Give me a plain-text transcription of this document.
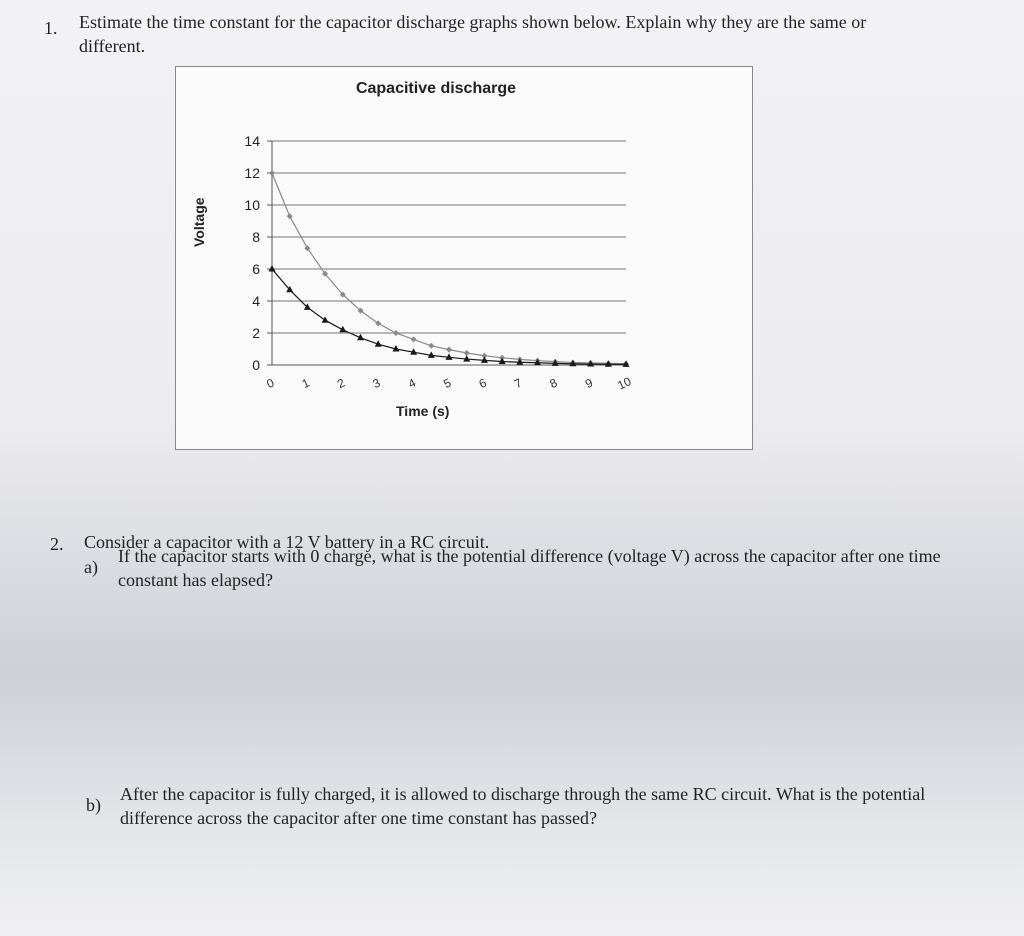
1. Estimate the time constant for the capacitor discharge graphs shown below. Explain why they are the same or different.
Capacitive discharge
Voltage
Time (s)
0
2
4
6
8
10
12
14
0 1 2 3 4 5 6 7 8 9 10
2. Consider a capacitor with a 12 V battery in a RC circuit.
a)
If the capacitor starts with 0 charge, what is the potential difference (voltage V) across the capacitor after one time constant has elapsed?
b)
After the capacitor is fully charged, it is allowed to discharge through the same RC circuit. What is the potential difference across the capacitor after one time constant has passed?
